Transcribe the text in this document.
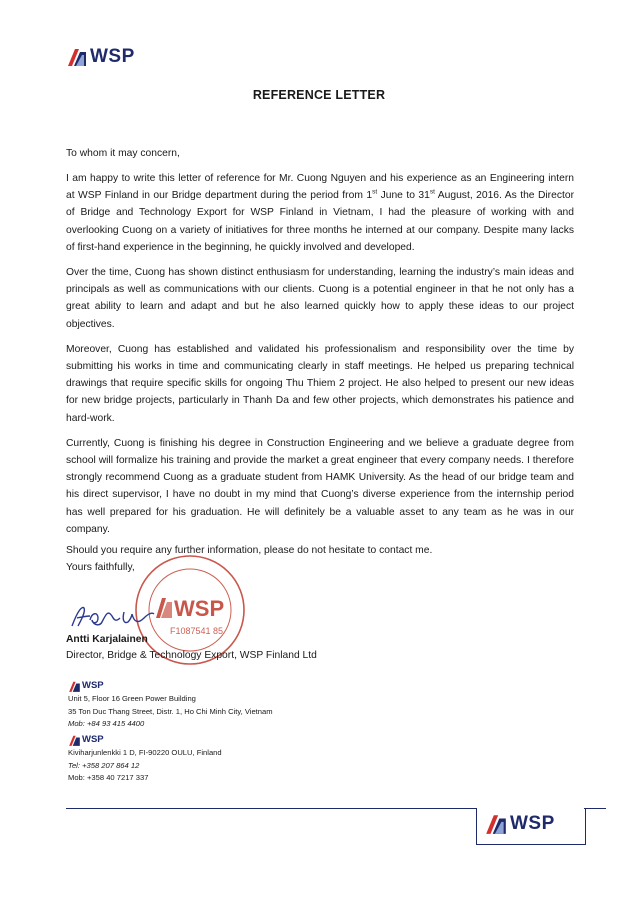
WSP
REFERENCE LETTER
To whom it may concern,

I am happy to write this letter of reference for Mr. Cuong Nguyen and his experience as an Engineering intern at WSP Finland in our Bridge department during the period from 1st June to 31st August, 2016. As the Director of Bridge and Technology Export for WSP Finland in Vietnam, I had the pleasure of working with and overlooking Cuong on a variety of initiatives for three months he interned at our company. Despite many lacks of first-hand experience in the beginning, he quickly involved and developed.

Over the time, Cuong has shown distinct enthusiasm for understanding, learning the industry’s main ideas and principals as well as communications with our clients. Cuong is a potential engineer in that he not only has a great ability to learn and adapt and but he also learned quickly how to apply these ideas to our project objectives.

Moreover, Cuong has established and validated his professionalism and responsibility over the time by submitting his works in time and communicating clearly in staff meetings. He helped us preparing technical drawings that require specific skills for ongoing Thu Thiem 2 project. He also helped to present our new ideas for new bridge projects, particularly in Thanh Da and few other projects, which demonstrates his patience and hard-work.

Currently, Cuong is finishing his degree in Construction Engineering and we believe a graduate degree from school will formalize his training and provide the market a great engineer that every company needs. I therefore strongly recommend Cuong as a graduate student from HAMK University. As the head of our bridge team and his direct supervisor, I have no doubt in my mind that Cuong’s diverse experience from the internship period has well prepared for his graduation. He will definitely be a valuable asset to any team as he was in our company.

Should you require any further information, please do not hesitate to contact me.

Yours faithfully,

WSP
F1087541 85
Antti Karjalainen
Director, Bridge & Technology Export, WSP Finland Ltd
WSP
Unit 5, Floor 16 Green Power Building
35 Ton Duc Thang Street, Distr. 1, Ho Chi Minh City, Vietnam
Mob: +84 93 415 4400
WSP
Kiviharjunlenkki 1 D, FI-90220 OULU, Finland
Tel: +358 207 864 12
Mob: +358 40 7217 337
WSP
